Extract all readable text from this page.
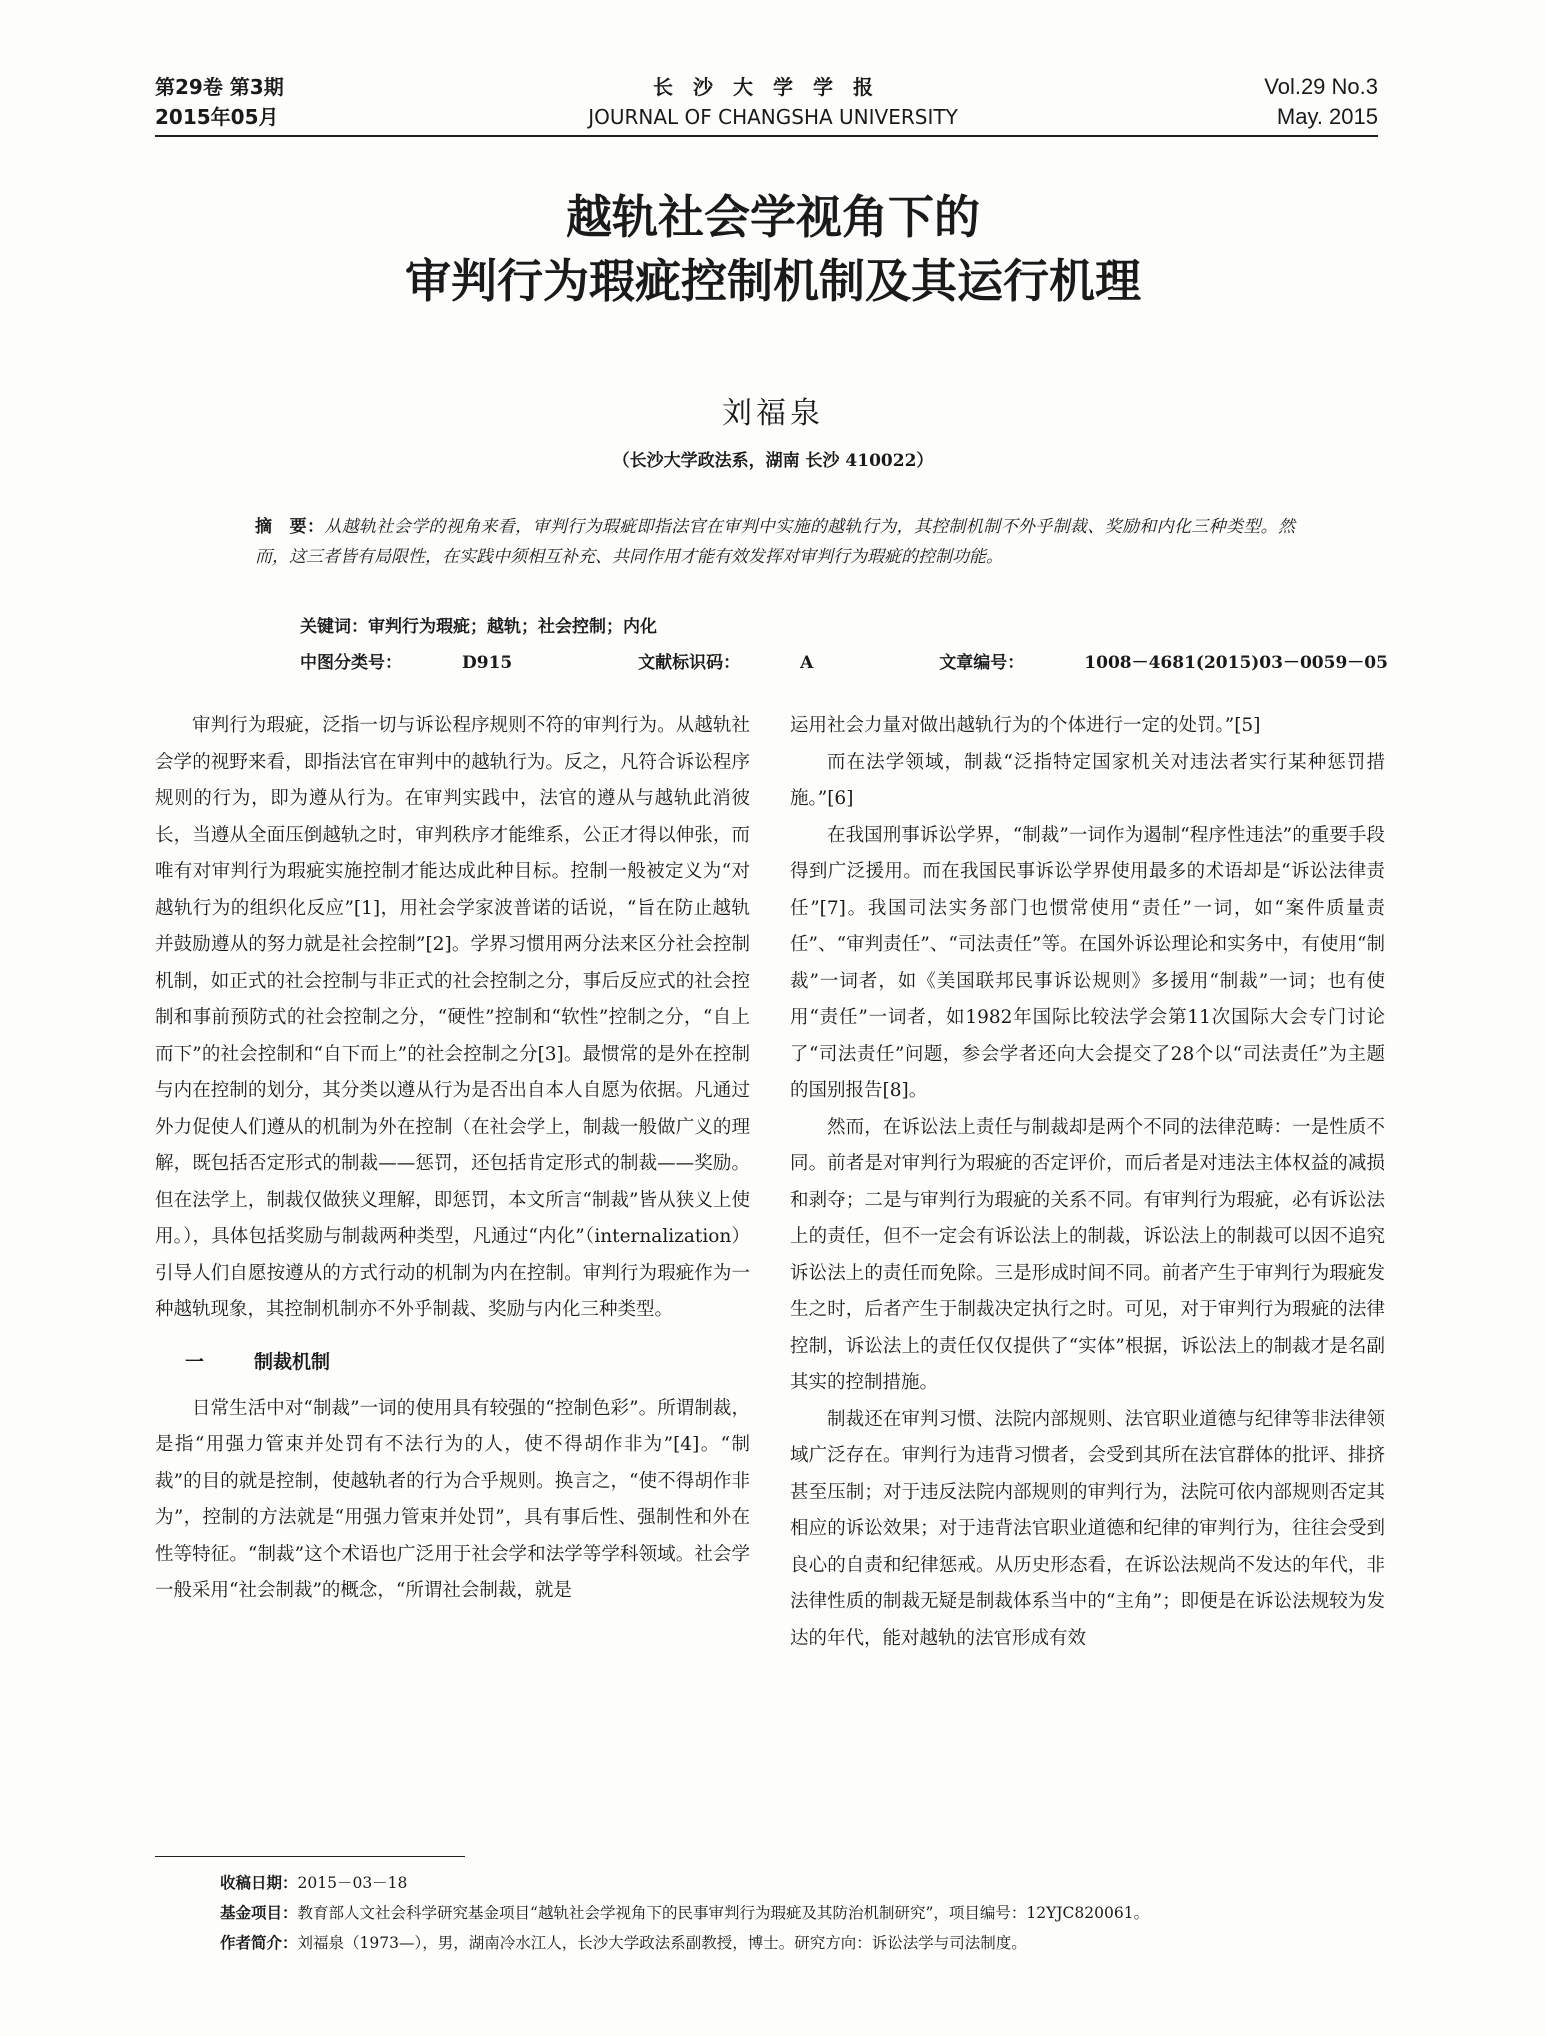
第29卷 第3期
2015年05月
长沙大学学报
JOURNAL OF CHANGSHA UNIVERSITY
Vol.29 No.3
May. 2015
越轨社会学视角下的
审判行为瑕疵控制机制及其运行机理
刘福泉
（长沙大学政法系，湖南 长沙 410022）
摘　要：从越轨社会学的视角来看，审判行为瑕疵即指法官在审判中实施的越轨行为，其控制机制不外乎制裁、奖励和内化三种类型。然而，这三者皆有局限性，在实践中须相互补充、共同作用才能有效发挥对审判行为瑕疵的控制功能。
关键词：审判行为瑕疵；越轨；社会控制；内化
中图分类号：	D915	文献标识码：	A	文章编号：	1008－4681(2015)03－0059－05

审判行为瑕疵，泛指一切与诉讼程序规则不符的审判行为。从越轨社会学的视野来看，即指法官在审判中的越轨行为。反之，凡符合诉讼程序规则的行为，即为遵从行为。在审判实践中，法官的遵从与越轨此消彼长，当遵从全面压倒越轨之时，审判秩序才能维系，公正才得以伸张，而唯有对审判行为瑕疵实施控制才能达成此种目标。控制一般被定义为“对越轨行为的组织化反应”[1]，用社会学家波普诺的话说，“旨在防止越轨并鼓励遵从的努力就是社会控制”[2]。学界习惯用两分法来区分社会控制机制，如正式的社会控制与非正式的社会控制之分，事后反应式的社会控制和事前预防式的社会控制之分，“硬性”控制和“软性”控制之分，“自上而下”的社会控制和“自下而上”的社会控制之分[3]。最惯常的是外在控制与内在控制的划分，其分类以遵从行为是否出自本人自愿为依据。凡通过外力促使人们遵从的机制为外在控制（在社会学上，制裁一般做广义的理解，既包括否定形式的制裁——惩罚，还包括肯定形式的制裁——奖励。但在法学上，制裁仅做狭义理解，即惩罚，本文所言“制裁”皆从狭义上使用。），具体包括奖励与制裁两种类型，凡通过“内化”（internalization）引导人们自愿按遵从的方式行动的机制为内在控制。审判行为瑕疵作为一种越轨现象，其控制机制亦不外乎制裁、奖励与内化三种类型。

一	制裁机制

日常生活中对“制裁”一词的使用具有较强的“控制色彩”。所谓制裁，是指“用强力管束并处罚有不法行为的人，使不得胡作非为”[4]。“制裁”的目的就是控制，使越轨者的行为合乎规则。换言之，“使不得胡作非为”，控制的方法就是“用强力管束并处罚”，具有事后性、强制性和外在性等特征。“制裁”这个术语也广泛用于社会学和法学等学科领域。社会学一般采用“社会制裁”的概念，“所谓社会制裁，就是

运用社会力量对做出越轨行为的个体进行一定的处罚。”[5]

而在法学领域，制裁“泛指特定国家机关对违法者实行某种惩罚措施。”[6]

在我国刑事诉讼学界，“制裁”一词作为遏制“程序性违法”的重要手段得到广泛援用。而在我国民事诉讼学界使用最多的术语却是“诉讼法律责任”[7]。我国司法实务部门也惯常使用“责任”一词，如“案件质量责任”、“审判责任”、“司法责任”等。在国外诉讼理论和实务中，有使用“制裁”一词者，如《美国联邦民事诉讼规则》多援用“制裁”一词；也有使用“责任”一词者，如1982年国际比较法学会第11次国际大会专门讨论了“司法责任”问题，参会学者还向大会提交了28个以“司法责任”为主题的国别报告[8]。

然而，在诉讼法上责任与制裁却是两个不同的法律范畴：一是性质不同。前者是对审判行为瑕疵的否定评价，而后者是对违法主体权益的减损和剥夺；二是与审判行为瑕疵的关系不同。有审判行为瑕疵，必有诉讼法上的责任，但不一定会有诉讼法上的制裁，诉讼法上的制裁可以因不追究诉讼法上的责任而免除。三是形成时间不同。前者产生于审判行为瑕疵发生之时，后者产生于制裁决定执行之时。可见，对于审判行为瑕疵的法律控制，诉讼法上的责任仅仅提供了“实体”根据，诉讼法上的制裁才是名副其实的控制措施。

制裁还在审判习惯、法院内部规则、法官职业道德与纪律等非法律领域广泛存在。审判行为违背习惯者，会受到其所在法官群体的批评、排挤甚至压制；对于违反法院内部规则的审判行为，法院可依内部规则否定其相应的诉讼效果；对于违背法官职业道德和纪律的审判行为，往往会受到良心的自责和纪律惩戒。从历史形态看，在诉讼法规尚不发达的年代，非法律性质的制裁无疑是制裁体系当中的“主角”；即便是在诉讼法规较为发达的年代，能对越轨的法官形成有效

收稿日期：2015－03－18
基金项目：教育部人文社会科学研究基金项目“越轨社会学视角下的民事审判行为瑕疵及其防治机制研究”，项目编号：12YJC820061。
作者简介：刘福泉（1973—），男，湖南冷水江人，长沙大学政法系副教授，博士。研究方向：诉讼法学与司法制度。
